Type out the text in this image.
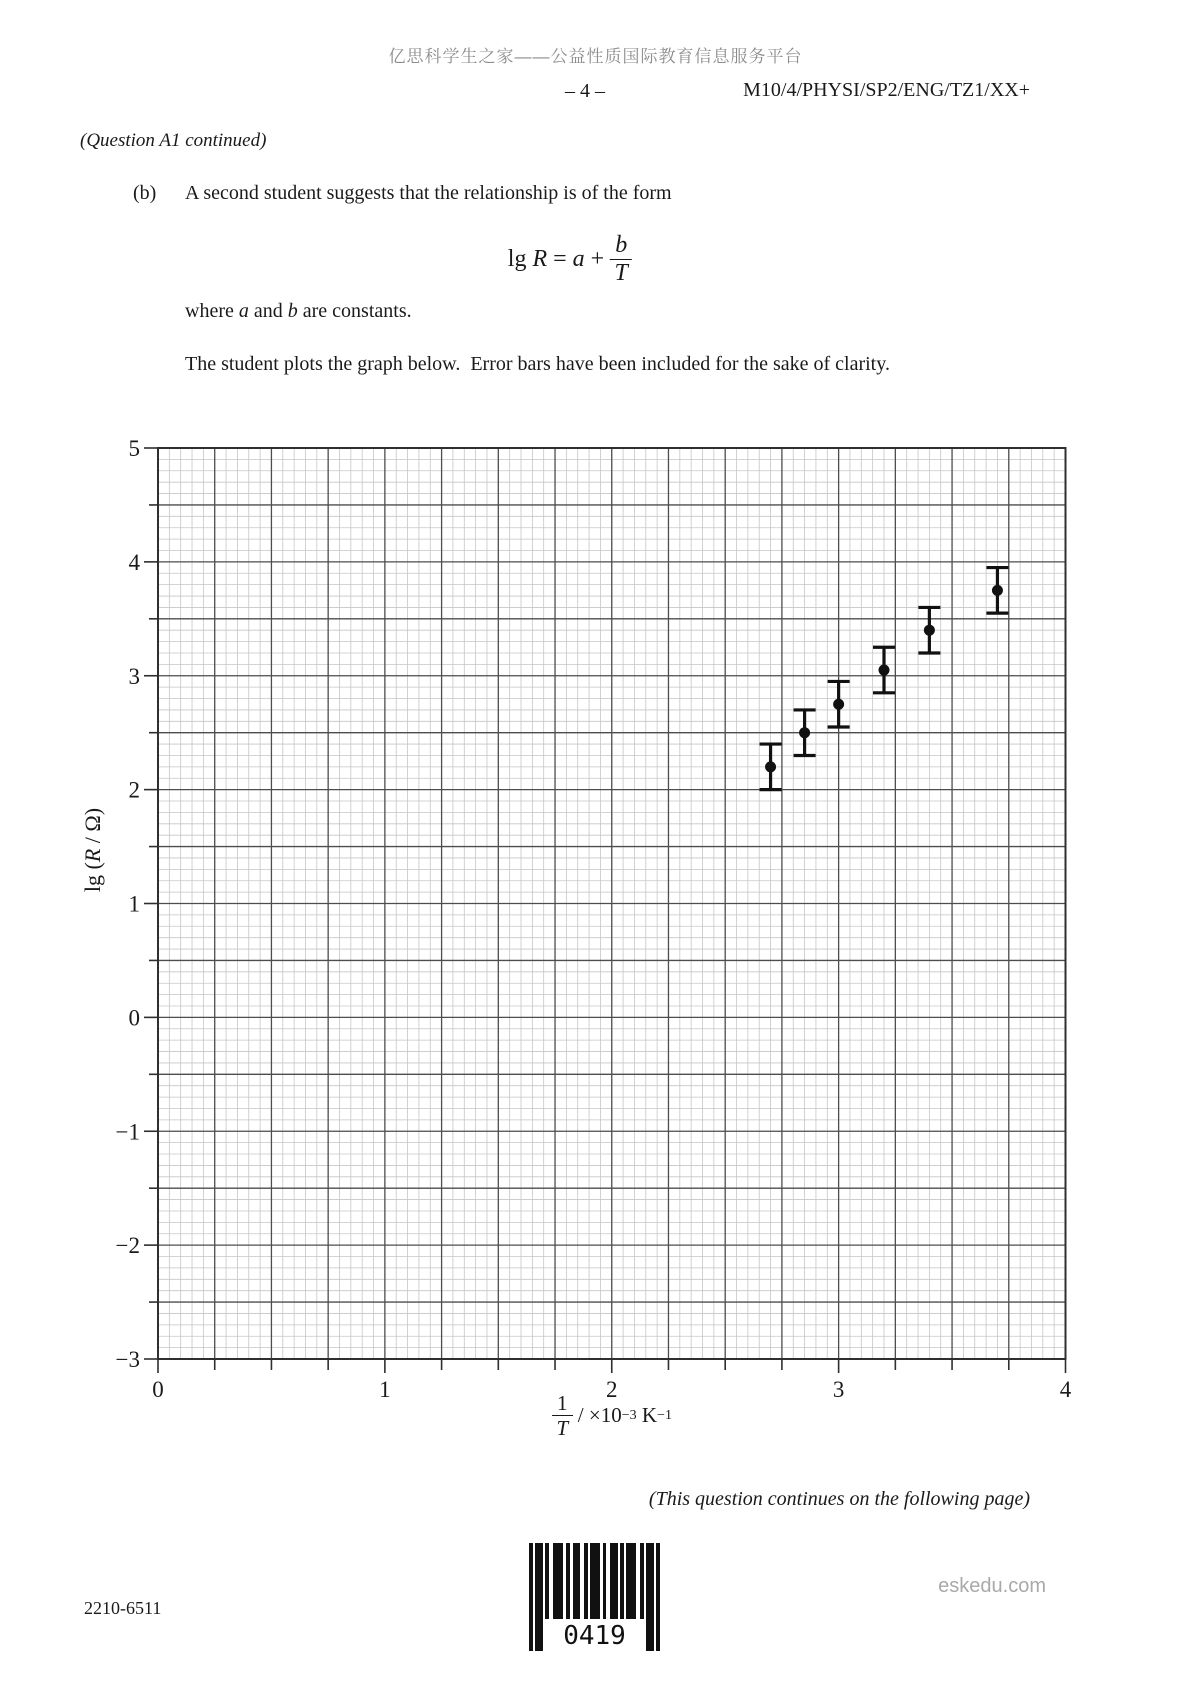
亿思科学生之家——公益性质国际教育信息服务平台
– 4 –	M10/4/PHYSI/SP2/ENG/TZ1/XX+
(Question A1 continued)
(b) A second student suggests that the relationship is of the form
$\lg R = a + \frac{b}{T}$
where a and b are constants.
The student plots the graph below.  Error bars have been included for the sake of clarity.
5
4
3
2
1
0
−1
−2
−3
0	1	2	3	4
lg (R / Ω)
$\frac{1}{T} / \times 10 -3$ K −1
(This question continues on the following page)
2210-6511
0419
eskedu.com
